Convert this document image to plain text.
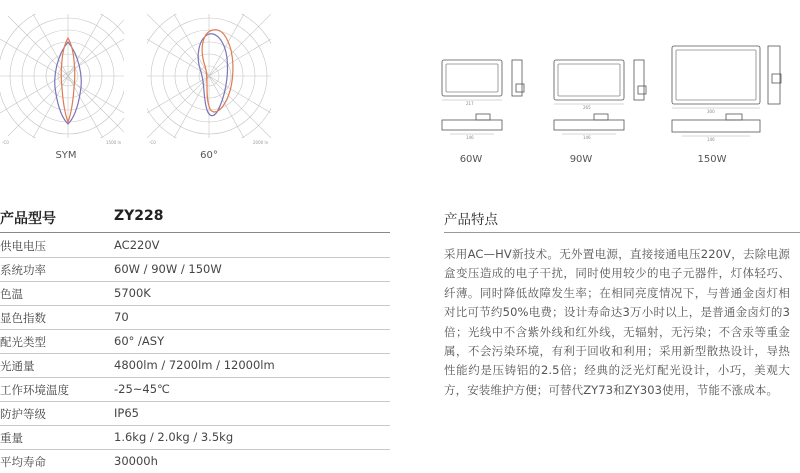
-C0	1500 ln
SYM
-C0	2000 ln
60°
217
265
300
146	146	146
60W	90W	150W
产品型号	ZY228
供电电压	AC220V
系统功率	60W / 90W / 150W
色温	5700K
显色指数	70
配光类型	60° /ASY
光通量	4800lm / 7200lm / 12000lm
工作环境温度	-25~45℃
防护等级	IP65
重量	1.6kg / 2.0kg / 3.5kg
平均寿命	30000h
产品特点
采用AC—HV新技术。无外置电源，直接接通电压220V，去除电源盒变压造成的电子干扰，同时使用较少的电子元器件，灯体轻巧、纤薄。同时降低故障发生率；在相同亮度情况下，与普通金卤灯相对比可节约50%电费；设计寿命达3万小时以上，是普通金卤灯的3倍；光线中不含紫外线和红外线，无辐射，无污染；不含汞等重金属，不会污染环境，有利于回收和利用；采用新型散热设计，导热性能约是压铸铝的2.5倍；经典的泛光灯配光设计，小巧，美观大方，安装维护方便；可替代ZY73和ZY303使用，节能不涨成本。
